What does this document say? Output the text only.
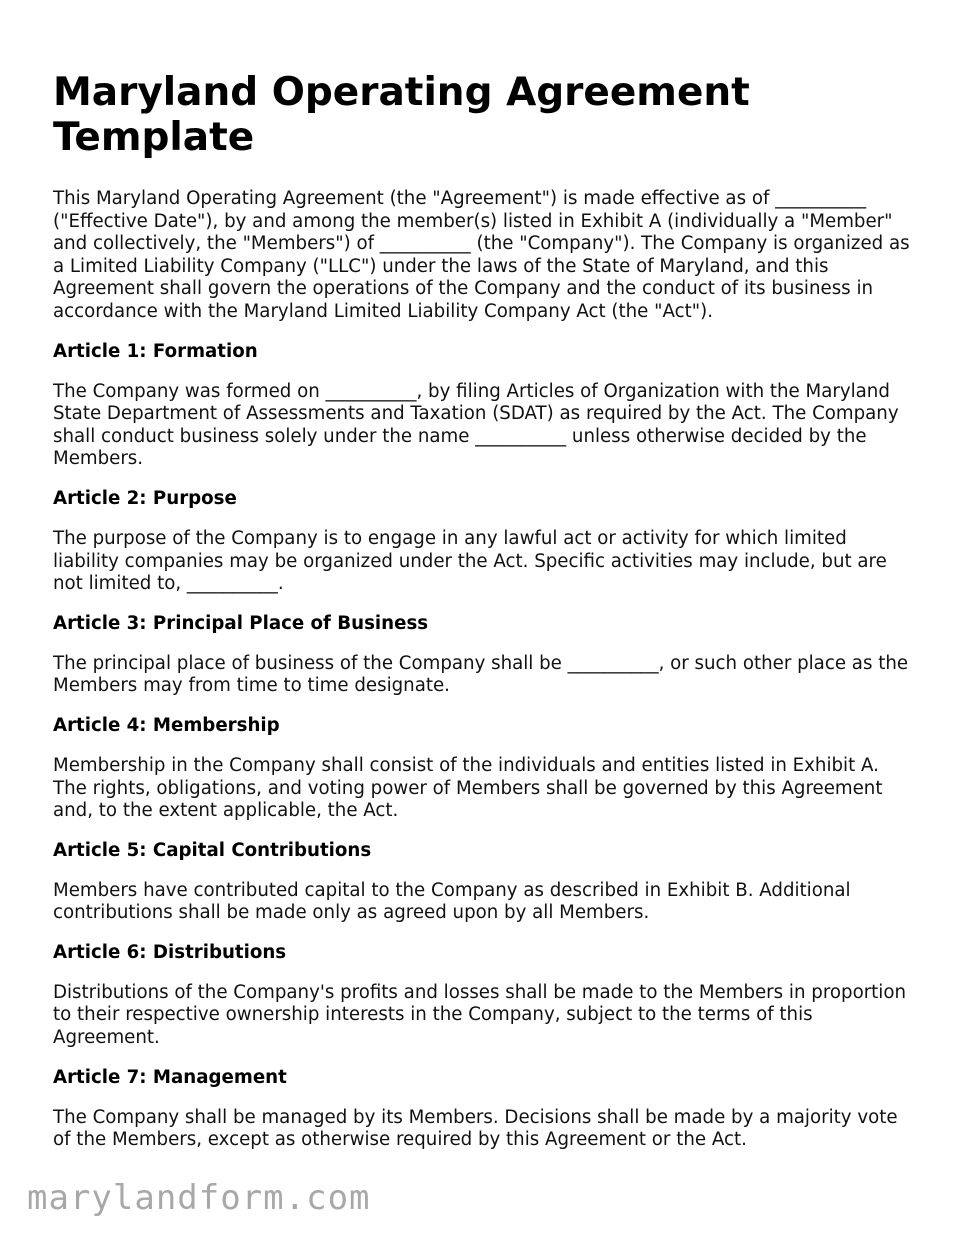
Maryland Operating Agreement Template

This Maryland Operating Agreement (the "Agreement") is made effective as of __________ ("Effective Date"), by and among the member(s) listed in Exhibit A (individually a "Member" and collectively, the "Members") of __________ (the "Company"). The Company is organized as a Limited Liability Company ("LLC") under the laws of the State of Maryland, and this Agreement shall govern the operations of the Company and the conduct of its business in accordance with the Maryland Limited Liability Company Act (the "Act").

Article 1: Formation

The Company was formed on __________, by filing Articles of Organization with the Maryland State Department of Assessments and Taxation (SDAT) as required by the Act. The Company shall conduct business solely under the name __________ unless otherwise decided by the Members.

Article 2: Purpose

The purpose of the Company is to engage in any lawful act or activity for which limited liability companies may be organized under the Act. Specific activities may include, but are not limited to, __________.

Article 3: Principal Place of Business

The principal place of business of the Company shall be __________, or such other place as the Members may from time to time designate.

Article 4: Membership

Membership in the Company shall consist of the individuals and entities listed in Exhibit A. The rights, obligations, and voting power of Members shall be governed by this Agreement and, to the extent applicable, the Act.

Article 5: Capital Contributions

Members have contributed capital to the Company as described in Exhibit B. Additional contributions shall be made only as agreed upon by all Members.

Article 6: Distributions

Distributions of the Company's profits and losses shall be made to the Members in proportion to their respective ownership interests in the Company, subject to the terms of this Agreement.

Article 7: Management

The Company shall be managed by its Members. Decisions shall be made by a majority vote of the Members, except as otherwise required by this Agreement or the Act.

marylandform.com
